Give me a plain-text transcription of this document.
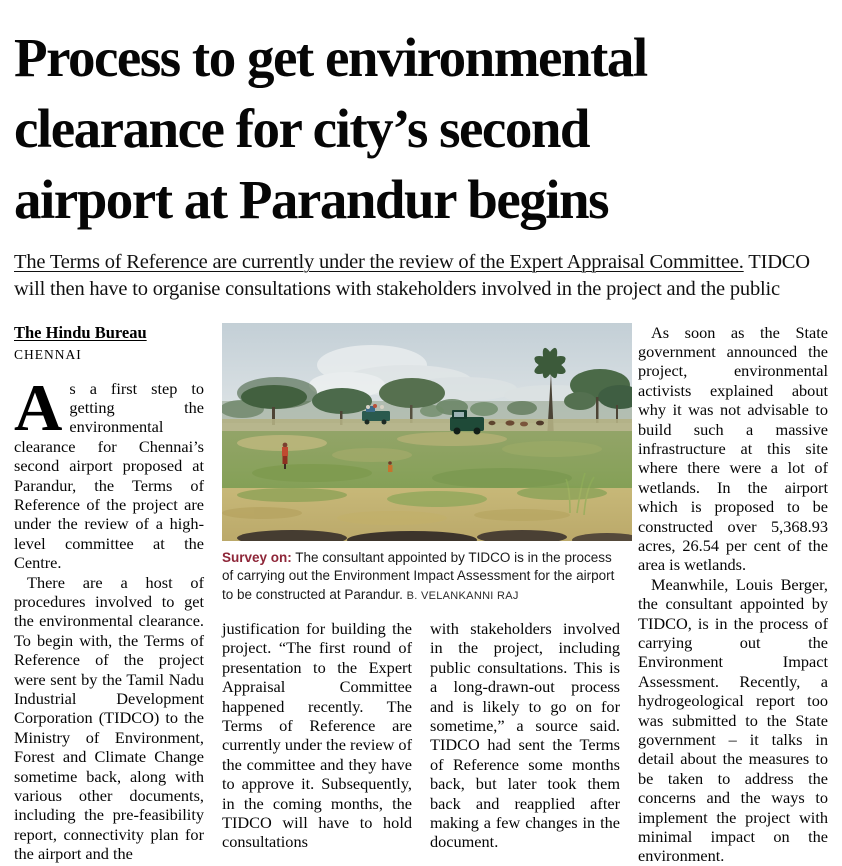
Process to get environmental
clearance for city’s second
airport at Parandur begins

The Terms of Reference are currently under the review of the Expert Appraisal Committee. TIDCO will then have to organise consultations with stakeholders involved in the project and the public

The Hindu Bureau
CHENNAI

As a first step to getting the environmental clearance for Chennai’s second airport proposed at Parandur, the Terms of Reference of the project are under the review of a high-level committee at the Centre.

There are a host of procedures involved to get the environmental clearance. To begin with, the Terms of Reference of the project were sent by the Tamil Nadu Industrial Development Corporation (TIDCO) to the Ministry of Environment, Forest and Climate Change sometime back, along with various other documents, including the pre-feasibility report, connectivity plan for the airport and the

Survey on: The consultant appointed by TIDCO is in the process of carrying out the Environment Impact Assessment for the airport to be constructed at Parandur. B. VELANKANNI RAJ

justification for building the project. “The first round of presentation to the Expert Appraisal Committee happened recently. The Terms of Reference are currently under the review of the committee and they have to approve it. Subsequently, in the coming months, the TIDCO will have to hold consultations

with stakeholders involved in the project, including public consultations. This is a long-drawn-out process and is likely to go on for sometime,” a source said. TIDCO had sent the Terms of Reference some months back, but later took them back and reapplied after making a few changes in the document.

As soon as the State government announced the project, environmental activists explained about why it was not advisable to build such a massive infrastructure at this site where there were a lot of wetlands. In the airport which is proposed to be constructed over 5,368.93 acres, 26.54 per cent of the area is wetlands.

Meanwhile, Louis Berger, the consultant appointed by TIDCO, is in the process of carrying out the Environment Impact Assessment. Recently, a hydrogeological report too was submitted to the State government – it talks in detail about the measures to be taken to address the concerns and the ways to implement the project with minimal impact on the environment.
